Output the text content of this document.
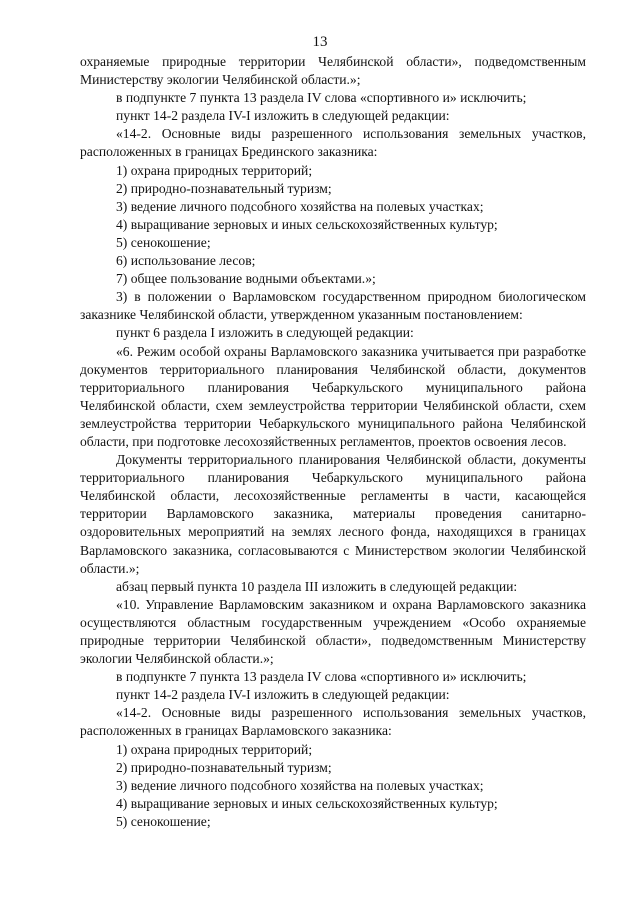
13

охраняемые природные территории Челябинской области», подведомственным Министерству экологии Челябинской области.»;

в подпункте 7 пункта 13 раздела IV слова «спортивного и» исключить;

пункт 14-2 раздела IV-I изложить в следующей редакции:

«14-2. Основные виды разрешенного использования земельных участков, расположенных в границах Брединского заказника:

1) охрана природных территорий;

2) природно-познавательный туризм;

3) ведение личного подсобного хозяйства на полевых участках;

4) выращивание зерновых и иных сельскохозяйственных культур;

5) сенокошение;

6) использование лесов;

7) общее пользование водными объектами.»;

3) в положении о Варламовском государственном природном биологическом заказнике Челябинской области, утвержденном указанным постановлением:

пункт 6 раздела I изложить в следующей редакции:

«6. Режим особой охраны Варламовского заказника учитывается при разработке документов территориального планирования Челябинской области, документов территориального планирования Чебаркульского муниципального района Челябинской области, схем землеустройства территории Челябинской области, схем землеустройства территории Чебаркульского муниципального района Челябинской области, при подготовке лесохозяйственных регламентов, проектов освоения лесов.

Документы территориального планирования Челябинской области, документы территориального планирования Чебаркульского муниципального района Челябинской области, лесохозяйственные регламенты в части, касающейся территории Варламовского заказника, материалы проведения санитарно-оздоровительных мероприятий на землях лесного фонда, находящихся в границах Варламовского заказника, согласовываются с Министерством экологии Челябинской области.»;

абзац первый пункта 10 раздела III изложить в следующей редакции:

«10. Управление Варламовским заказником и охрана Варламовского заказника осуществляются областным государственным учреждением «Особо охраняемые природные территории Челябинской области», подведомственным Министерству экологии Челябинской области.»;

в подпункте 7 пункта 13 раздела IV слова «спортивного и» исключить;

пункт 14-2 раздела IV-I изложить в следующей редакции:

«14-2. Основные виды разрешенного использования земельных участков, расположенных в границах Варламовского заказника:

1) охрана природных территорий;

2) природно-познавательный туризм;

3) ведение личного подсобного хозяйства на полевых участках;

4) выращивание зерновых и иных сельскохозяйственных культур;

5) сенокошение;
